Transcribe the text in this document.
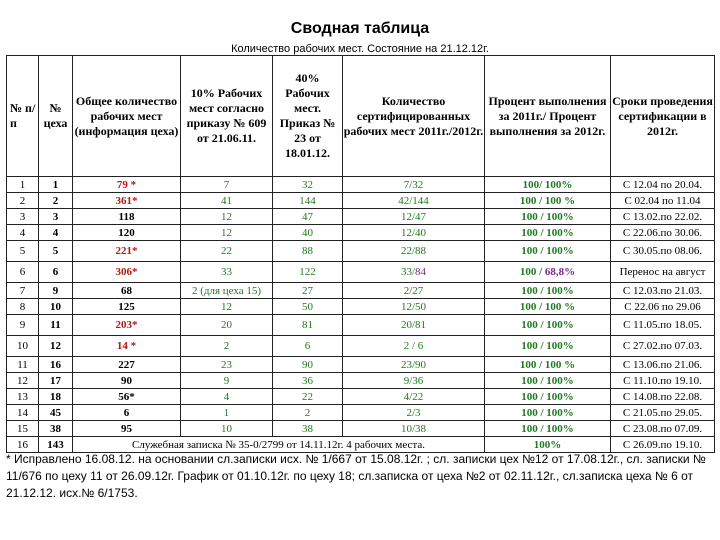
Сводная таблица
Количество рабочих мест. Состояние на 21.12.12г.
№ п/п	№ цеха	Общее количество рабочих мест (информация цеха)	10% Рабочих мест согласно приказу № 609 от 21.06.11.	40% Рабочих мест. Приказ № 23 от 18.01.12.	Количество сертифицированных рабочих мест 2011г./2012г.	Процент выполнения за 2011г./ Процент выполнения за 2012г.	Сроки проведения сертификации в 2012г.
1	1	79 *	7	32	7/32	100/ 100%	С 12.04 по 20.04.
2	2	361*	41	144	42/144	100 / 100 %	С 02.04 по 11.04
3	3	118	12	47	12/47	100 / 100%	С 13.02.по 22.02.
4	4	120	12	40	12/40	100 / 100%	С 22.06.по 30.06.
5	5	221*	22	88	22/88	100 / 100%	С 30.05.по 08.06.
6	6	306*	33	122	33/84	100 / 68,8%	Перенос на август
7	9	68	2 (для цеха 15)	27	2/27	100 / 100%	С 12.03.по 21.03.
8	10	125	12	50	12/50	100 / 100 %	С 22.06 по 29.06
9	11	203*	20	81	20/81	100 / 100%	С 11.05.по 18.05.
10	12	14 *	2	6	2 / 6	100 / 100%	С 27.02.по 07.03.
11	16	227	23	90	23/90	100 / 100 %	С 13.06.по 21.06.
12	17	90	9	36	9/36	100 / 100%	С 11.10.по 19.10.
13	18	56*	4	22	4/22	100 / 100%	С 14.08.по 22.08.
14	45	6	1	2	2/3	100 / 100%	С 21.05.по 29.05.
15	38	95	10	38	10/38	100 / 100%	С 23.08.по 07.09.
16	143	Служебная записка № 35-0/2799 от 14.11.12г. 4 рабочих места.				100%	С 26.09.по 19.10.
* Исправлено 16.08.12. на основании сл.записки исх. № 1/667 от 15.08.12г. ; сл. записки цех №12 от 17.08.12г., сл. записки № 11/676 по цеху 11 от 26.09.12г. График от 01.10.12г. по цеху 18; сл.записка от цеха №2 от 02.11.12г., сл.записка цеха № 6 от 21.12.12. исх.№ 6/1753.
